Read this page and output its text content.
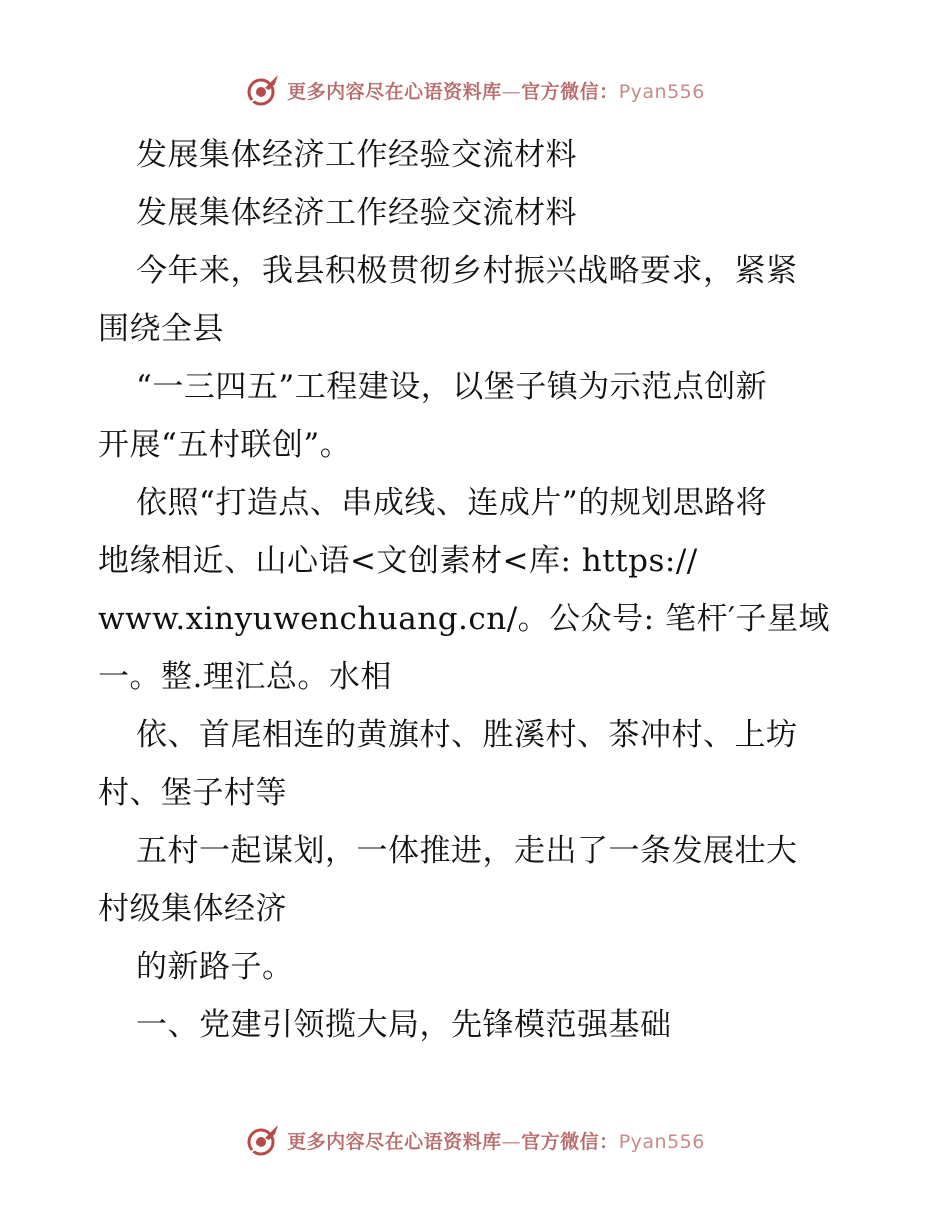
更多内容尽在心语资料库—官方微信：Pyan556
发展集体经济工作经验交流材料
发展集体经济工作经验交流材料
今年来，我县积极贯彻乡村振兴战略要求，紧紧
围绕全县
“一三四五”工程建设，以堡子镇为示范点创新
开展“五村联创”。
依照“打造点、串成线、连成片”的规划思路将
地缘相近、山心语<文创素材<库: https://
www.xinyuwenchuang.cn/。公众号: 笔杆′子星域
一。整.理汇总。水相
依、首尾相连的黄旗村、胜溪村、茶冲村、上坊
村、堡子村等
五村一起谋划，一体推进，走出了一条发展壮大
村级集体经济
的新路子。
一、党建引领揽大局，先锋模范强基础
更多内容尽在心语资料库—官方微信：Pyan556
